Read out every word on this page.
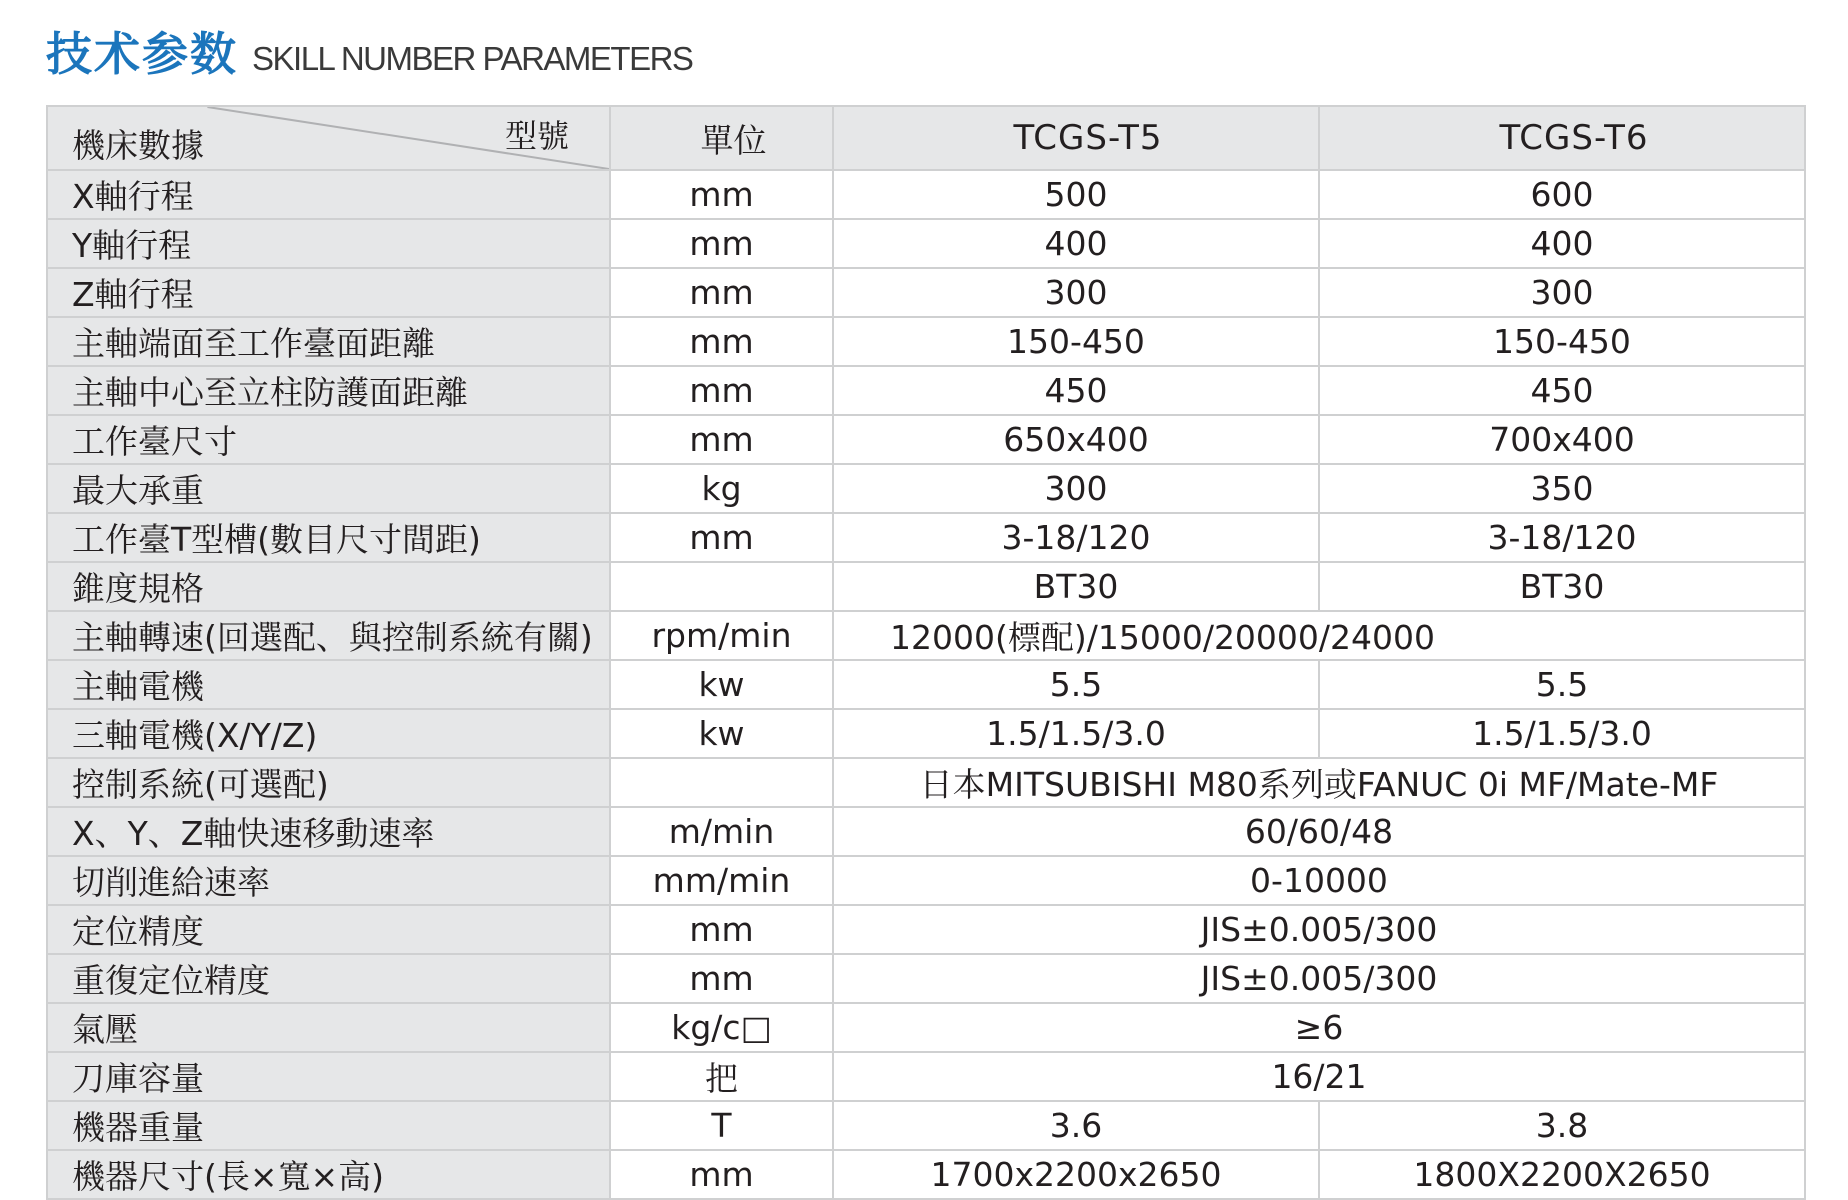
技术参数 SKILL NUMBER PARAMETERS
型號
機床數據	單位	TCGS-T5	TCGS-T6
X軸行程	mm	500	600
Y軸行程	mm	400	400
Z軸行程	mm	300	300
主軸端面至工作臺面距離	mm	150-450	150-450
主軸中心至立柱防護面距離	mm	450	450
工作臺尺寸	mm	650x400	700x400
最大承重	kg	300	350
工作臺T型槽(數目尺寸間距)	mm	3-18/120	3-18/120
錐度規格		BT30	BT30
主軸轉速(回選配、與控制系統有關)	rpm/min	12000(標配)/15000/20000/24000	
主軸電機	kw	5.5	5.5
三軸電機(X/Y/Z)	kw	1.5/1.5/3.0	1.5/1.5/3.0
控制系統(可選配)		日本MITSUBISHI M80系列或FANUC 0i MF/Mate-MF	
X、Y、Z軸快速移動速率	m/min	60/60/48	
切削進給速率	mm/min	0-10000	
定位精度	mm	JIS±0.005/300	
重復定位精度	mm	JIS±0.005/300	
氣壓	kg/c□	≥6	
刀庫容量	把	16/21	
機器重量	T	3.6	3.8
機器尺寸(長×寬×高)	mm	1700x2200x2650	1800X2200X2650
